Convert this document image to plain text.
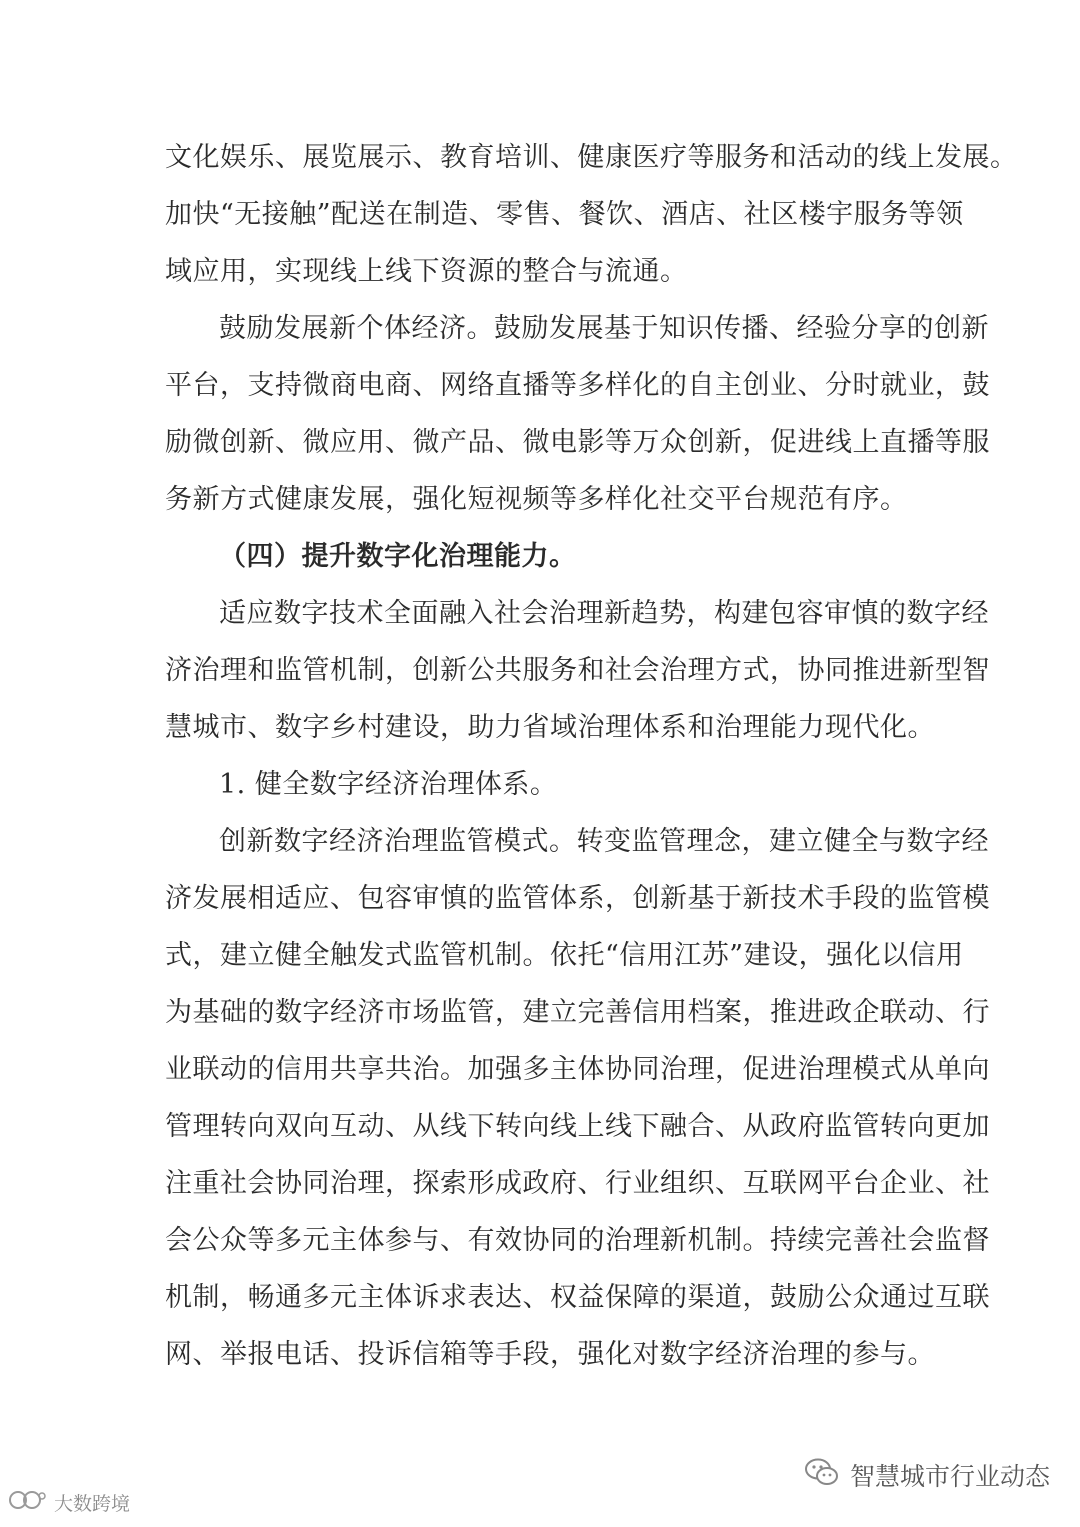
文化娱乐、展览展示、教育培训、健康医疗等服务和活动的线上发展。
加快“无接触”配送在制造、零售、餐饮、酒店、社区楼宇服务等领
域应用，实现线上线下资源的整合与流通。
鼓励发展新个体经济。鼓励发展基于知识传播、经验分享的创新
平台，支持微商电商、网络直播等多样化的自主创业、分时就业，鼓
励微创新、微应用、微产品、微电影等万众创新，促进线上直播等服
务新方式健康发展，强化短视频等多样化社交平台规范有序。
（四）提升数字化治理能力。
适应数字技术全面融入社会治理新趋势，构建包容审慎的数字经
济治理和监管机制，创新公共服务和社会治理方式，协同推进新型智
慧城市、数字乡村建设，助力省域治理体系和治理能力现代化。
1. 健全数字经济治理体系。
创新数字经济治理监管模式。转变监管理念，建立健全与数字经
济发展相适应、包容审慎的监管体系，创新基于新技术手段的监管模
式，建立健全触发式监管机制。依托“信用江苏”建设，强化以信用
为基础的数字经济市场监管，建立完善信用档案，推进政企联动、行
业联动的信用共享共治。加强多主体协同治理，促进治理模式从单向
管理转向双向互动、从线下转向线上线下融合、从政府监管转向更加
注重社会协同治理，探索形成政府、行业组织、互联网平台企业、社
会公众等多元主体参与、有效协同的治理新机制。持续完善社会监督
机制，畅通多元主体诉求表达、权益保障的渠道，鼓励公众通过互联
网、举报电话、投诉信箱等手段，强化对数字经济治理的参与。
智慧城市行业动态
大数跨境
